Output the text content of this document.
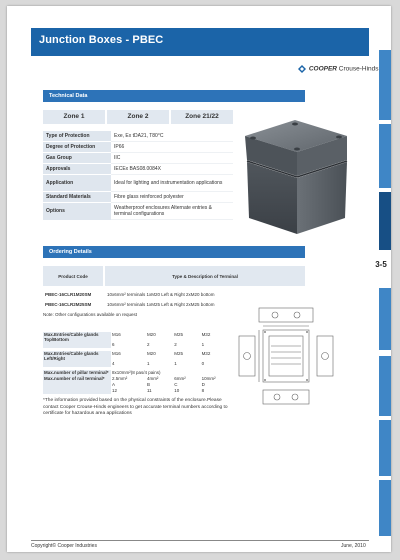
Junction Boxes - PBEC
COOPER Crouse-Hinds
3-5
Technical Data
Zone 1	Zone 2	Zone 21/22
Type of Protection	Exe, Ex tDA21, T80°C
Degree of Protection	IP66
Gas Group	IIC
Approvals	IECEx BAS08.0084X
Application	Ideal for lighting and instrumentation applications
Standard Materials	Fibre glass reinforced polyester
Options	Weatherproof enclosures Alternate entries & terminal configurations
Ordering Details
Product Code	Type & Description of Terminal
PBEC-16CLR1M20SM	10x6mm² terminals 1xM20 Left & Right 2xM20 bottom
PBEC-16CLR2M25SM	10x6mm² terminals 1xM25 Left & Right 2xM25 bottom
Note: Other configurations available on request
Max.Entries/Cable glands Top/Bottom	M16	M20	M25	M32
	6	2	2	1

Max.Entries/Cable glands Left/Right	M16	M20	M25	M32
	4	1	1	0

Max.number of pillar terminal*	8x10mm²(8 pas/4 pains)			
Max.number of rail terminal*	2.5mm²	4mm²	6mm²	10mm²
	A	B	C	D
	12	11	10	8
*The information provided based on the physical constraints of the enclosure.Please contact Cooper Crouse-Hinds engineers to get accurate terminal numbers according to certificate for hazardous area applications
Copyright© Cooper Industries	June, 2010
